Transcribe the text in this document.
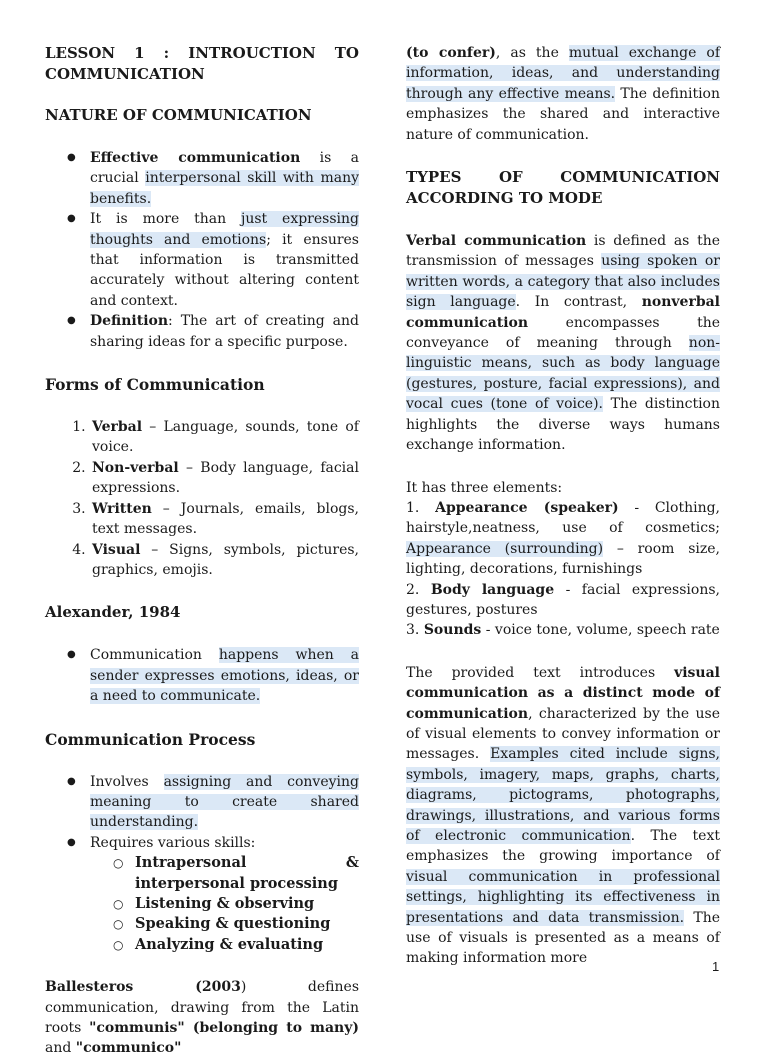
LESSON 1 : INTROUCTION TO COMMUNICATION
NATURE OF COMMUNICATION
● Effective communication is a crucial interpersonal skill with many benefits.
● It is more than just expressing thoughts and emotions; it ensures that information is transmitted accurately without altering content and context.
● Definition: The art of creating and sharing ideas for a specific purpose.
Forms of Communication
1. Verbal – Language, sounds, tone of voice.
2. Non-verbal – Body language, facial expressions.
3. Written – Journals, emails, blogs, text messages.
4. Visual – Signs, symbols, pictures, graphics, emojis.
Alexander, 1984
● Communication happens when a sender expresses emotions, ideas, or a need to communicate.
Communication Process
● Involves assigning and conveying meaning to create shared understanding.
● Requires various skills:
○ Intrapersonal & interpersonal processing
○ Listening & observing
○ Speaking & questioning
○ Analyzing & evaluating

Ballesteros (2003) defines communication, drawing from the Latin roots "communis" (belonging to many) and "communico"

(to confer), as the mutual exchange of information, ideas, and understanding through any effective means. The definition emphasizes the shared and interactive nature of communication.

TYPES OF COMMUNICATION ACCORDING TO MODE

Verbal communication is defined as the transmission of messages using spoken or written words, a category that also includes sign language. In contrast, nonverbal communication encompasses the conveyance of meaning through non-linguistic means, such as body language (gestures, posture, facial expressions), and vocal cues (tone of voice). The distinction highlights the diverse ways humans exchange information.

It has three elements:

1. Appearance (speaker) - Clothing, hairstyle,neatness, use of cosmetics; Appearance (surrounding) – room size, lighting, decorations, furnishings

2. Body language - facial expressions, gestures, postures

3. Sounds - voice tone, volume, speech rate

The provided text introduces visual communication as a distinct mode of communication, characterized by the use of visual elements to convey information or messages. Examples cited include signs, symbols, imagery, maps, graphs, charts, diagrams, pictograms, photographs, drawings, illustrations, and various forms of electronic communication. The text emphasizes the growing importance of visual communication in professional settings, highlighting its effectiveness in presentations and data transmission. The use of visuals is presented as a means of making information more

1
